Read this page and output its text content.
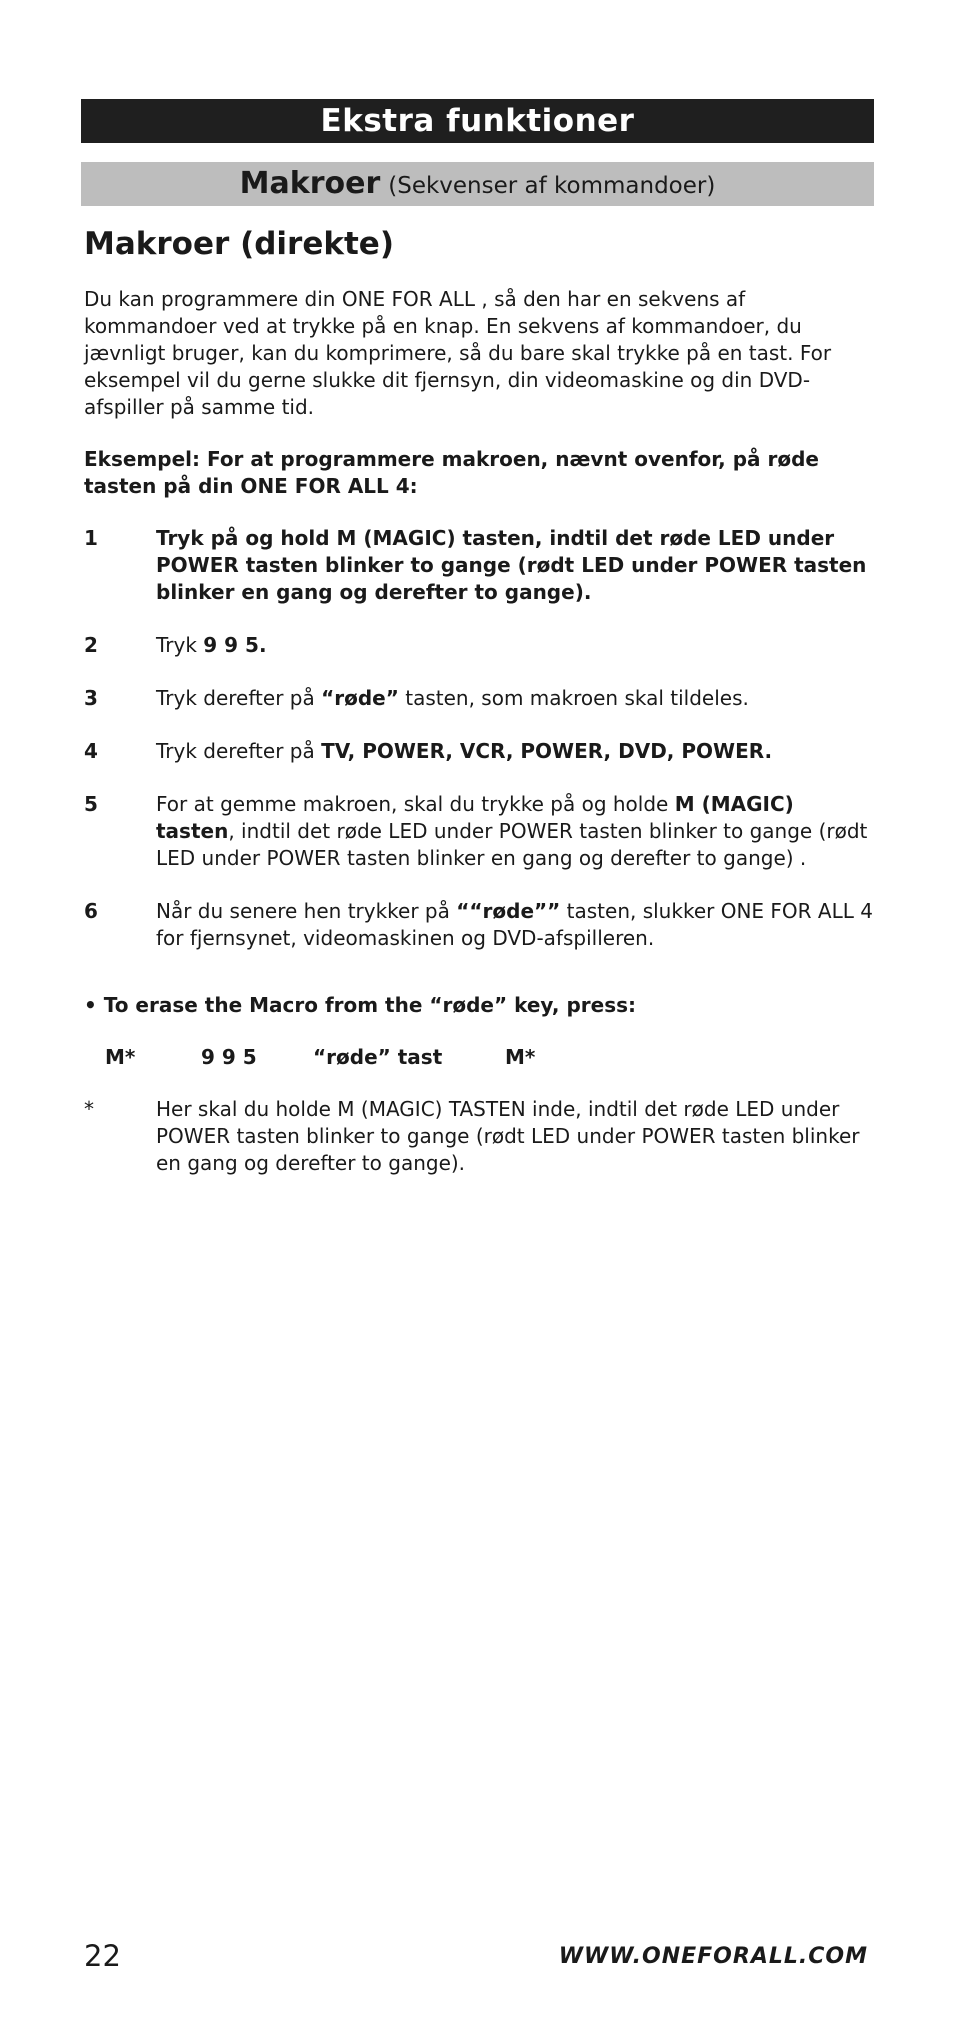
Ekstra funktioner
Makroer (Sekvenser af kommandoer)
Makroer (direkte)

Du kan programmere din ONE FOR ALL , så den har en sekvens af kommandoer ved at trykke på en knap. En sekvens af kommandoer, du jævnligt bruger, kan du komprimere, så du bare skal trykke på en tast. For eksempel vil du gerne slukke dit fjernsyn, din videomaskine og din DVD-afspiller på samme tid.

Eksempel: For at programmere makroen, nævnt ovenfor, på røde tasten på din ONE FOR ALL 4:

1	Tryk på og hold M (MAGIC) tasten, indtil det røde LED under POWER tasten blinker to gange (rødt LED under POWER tasten blinker en gang og derefter to gange).
2	Tryk 9 9 5.
3	Tryk derefter på “røde” tasten, som makroen skal tildeles.
4	Tryk derefter på TV, POWER, VCR, POWER, DVD, POWER.
5	For at gemme makroen, skal du trykke på og holde M (MAGIC) tasten, indtil det røde LED under POWER tasten blinker to gange (rødt LED under POWER tasten blinker en gang og derefter to gange) .
6	Når du senere hen trykker på ““røde”” tasten, slukker ONE FOR ALL 4 for fjernsynet, videomaskinen og DVD-afspilleren.
• To erase the Macro from the “røde” key, press:
M*	9 9 5	“røde” tast	M*
*	Her skal du holde M (MAGIC) TASTEN inde, indtil det røde LED under POWER tasten blinker to gange (rødt LED under POWER tasten blinker en gang og derefter to gange).
22	WWW.ONEFORALL.COM
